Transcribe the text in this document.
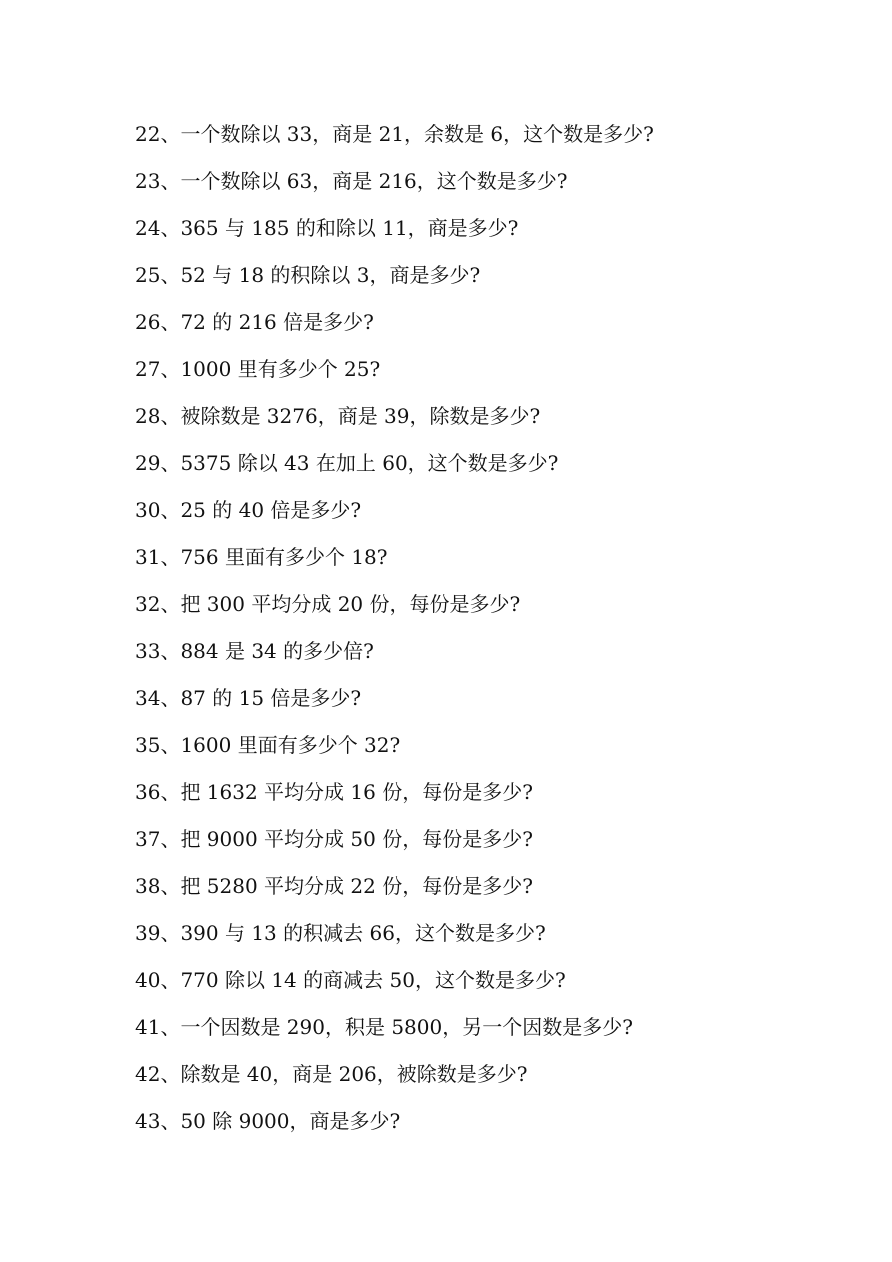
22、一个数除以 33，商是 21，余数是 6，这个数是多少?
23、一个数除以 63，商是 216，这个数是多少?
24、365 与 185 的和除以 11，商是多少?
25、52 与 18 的积除以 3，商是多少?
26、72 的 216 倍是多少?
27、1000 里有多少个 25?
28、被除数是 3276，商是 39，除数是多少?
29、5375 除以 43 在加上 60，这个数是多少?
30、25 的 40 倍是多少?
31、756 里面有多少个 18?
32、把 300 平均分成 20 份，每份是多少?
33、884 是 34 的多少倍?
34、87 的 15 倍是多少?
35、1600 里面有多少个 32?
36、把 1632 平均分成 16 份，每份是多少?
37、把 9000 平均分成 50 份，每份是多少?
38、把 5280 平均分成 22 份，每份是多少?
39、390 与 13 的积减去 66，这个数是多少?
40、770 除以 14 的商减去 50，这个数是多少?
41、一个因数是 290，积是 5800，另一个因数是多少?
42、除数是 40，商是 206，被除数是多少?
43、50 除 9000，商是多少?
